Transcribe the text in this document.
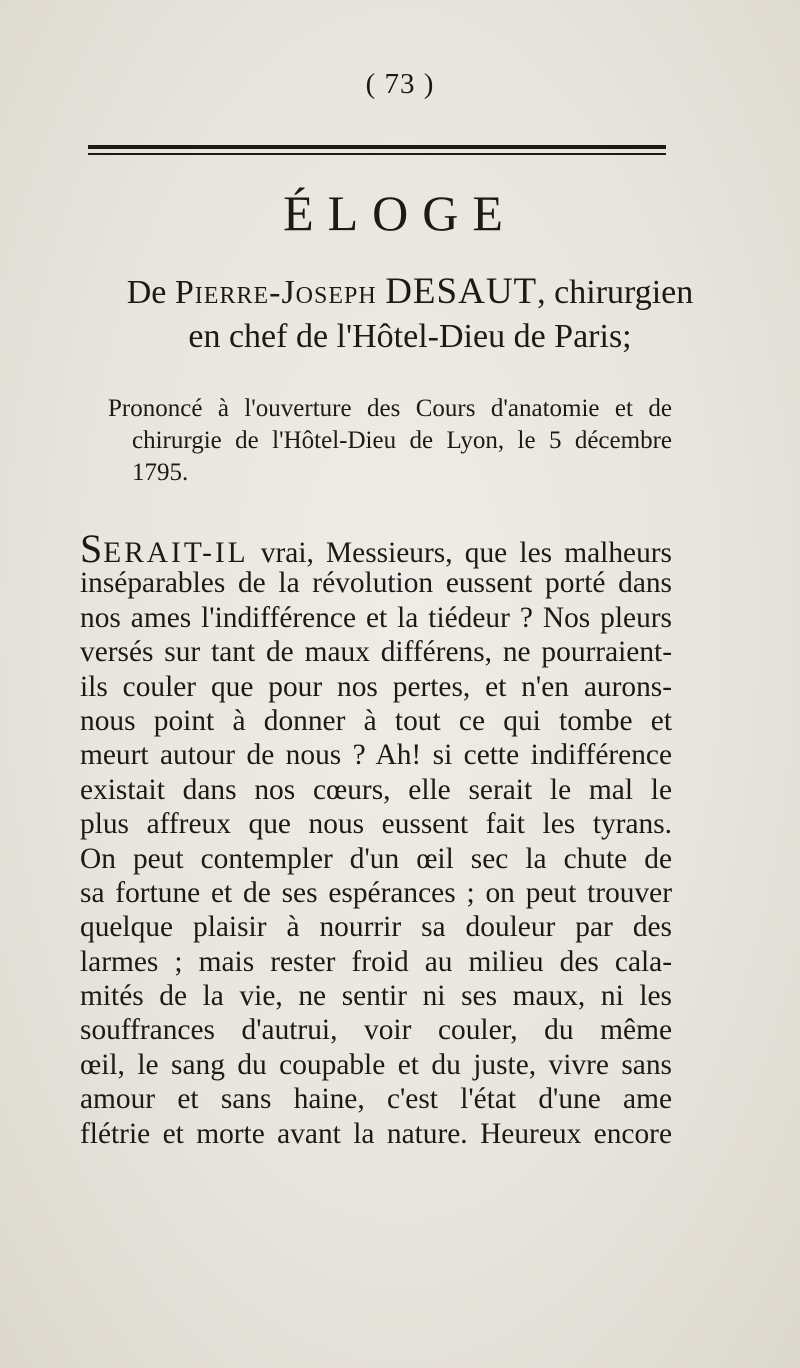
( 73 )
ÉLOGE
De Pierre-Joseph DESAUT, chirurgien
en chef de l'Hôtel-Dieu de Paris;
Prononcé à l'ouverture des Cours d'anatomie et de chirurgie de l'Hôtel-Dieu de Lyon, le 5 décembre 1795.
SERAIT-IL vrai, Messieurs, que les malheurs
inséparables de la révolution eussent porté dans
nos ames l'indifférence et la tiédeur ? Nos pleurs
versés sur tant de maux différens, ne pourraient-
ils couler que pour nos pertes, et n'en aurons-
nous point à donner à tout ce qui tombe et
meurt autour de nous ? Ah! si cette indifférence
existait dans nos cœurs, elle serait le mal le
plus affreux que nous eussent fait les tyrans.
On peut contempler d'un œil sec la chute de
sa fortune et de ses espérances ; on peut trouver
quelque plaisir à nourrir sa douleur par des
larmes ; mais rester froid au milieu des cala-
mités de la vie, ne sentir ni ses maux, ni les
souffrances d'autrui, voir couler, du même
œil, le sang du coupable et du juste, vivre sans
amour et sans haine, c'est l'état d'une ame
flétrie et morte avant la nature. Heureux encore
